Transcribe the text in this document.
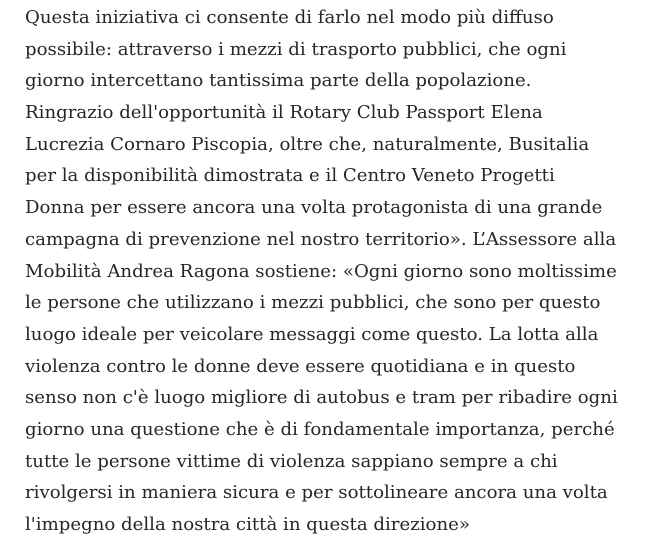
Questa iniziativa ci consente di farlo nel modo più diffuso
possibile: attraverso i mezzi di trasporto pubblici, che ogni
giorno intercettano tantissima parte della popolazione.
Ringrazio dell'opportunità il Rotary Club Passport Elena
Lucrezia Cornaro Piscopia, oltre che, naturalmente, Busitalia
per la disponibilità dimostrata e il Centro Veneto Progetti
Donna per essere ancora una volta protagonista di una grande
campagna di prevenzione nel nostro territorio». L’Assessore alla
Mobilità Andrea Ragona sostiene: «Ogni giorno sono moltissime
le persone che utilizzano i mezzi pubblici, che sono per questo
luogo ideale per veicolare messaggi come questo. La lotta alla
violenza contro le donne deve essere quotidiana e in questo
senso non c'è luogo migliore di autobus e tram per ribadire ogni
giorno una questione che è di fondamentale importanza, perché
tutte le persone vittime di violenza sappiano sempre a chi
rivolgersi in maniera sicura e per sottolineare ancora una volta
l'impegno della nostra città in questa direzione»
